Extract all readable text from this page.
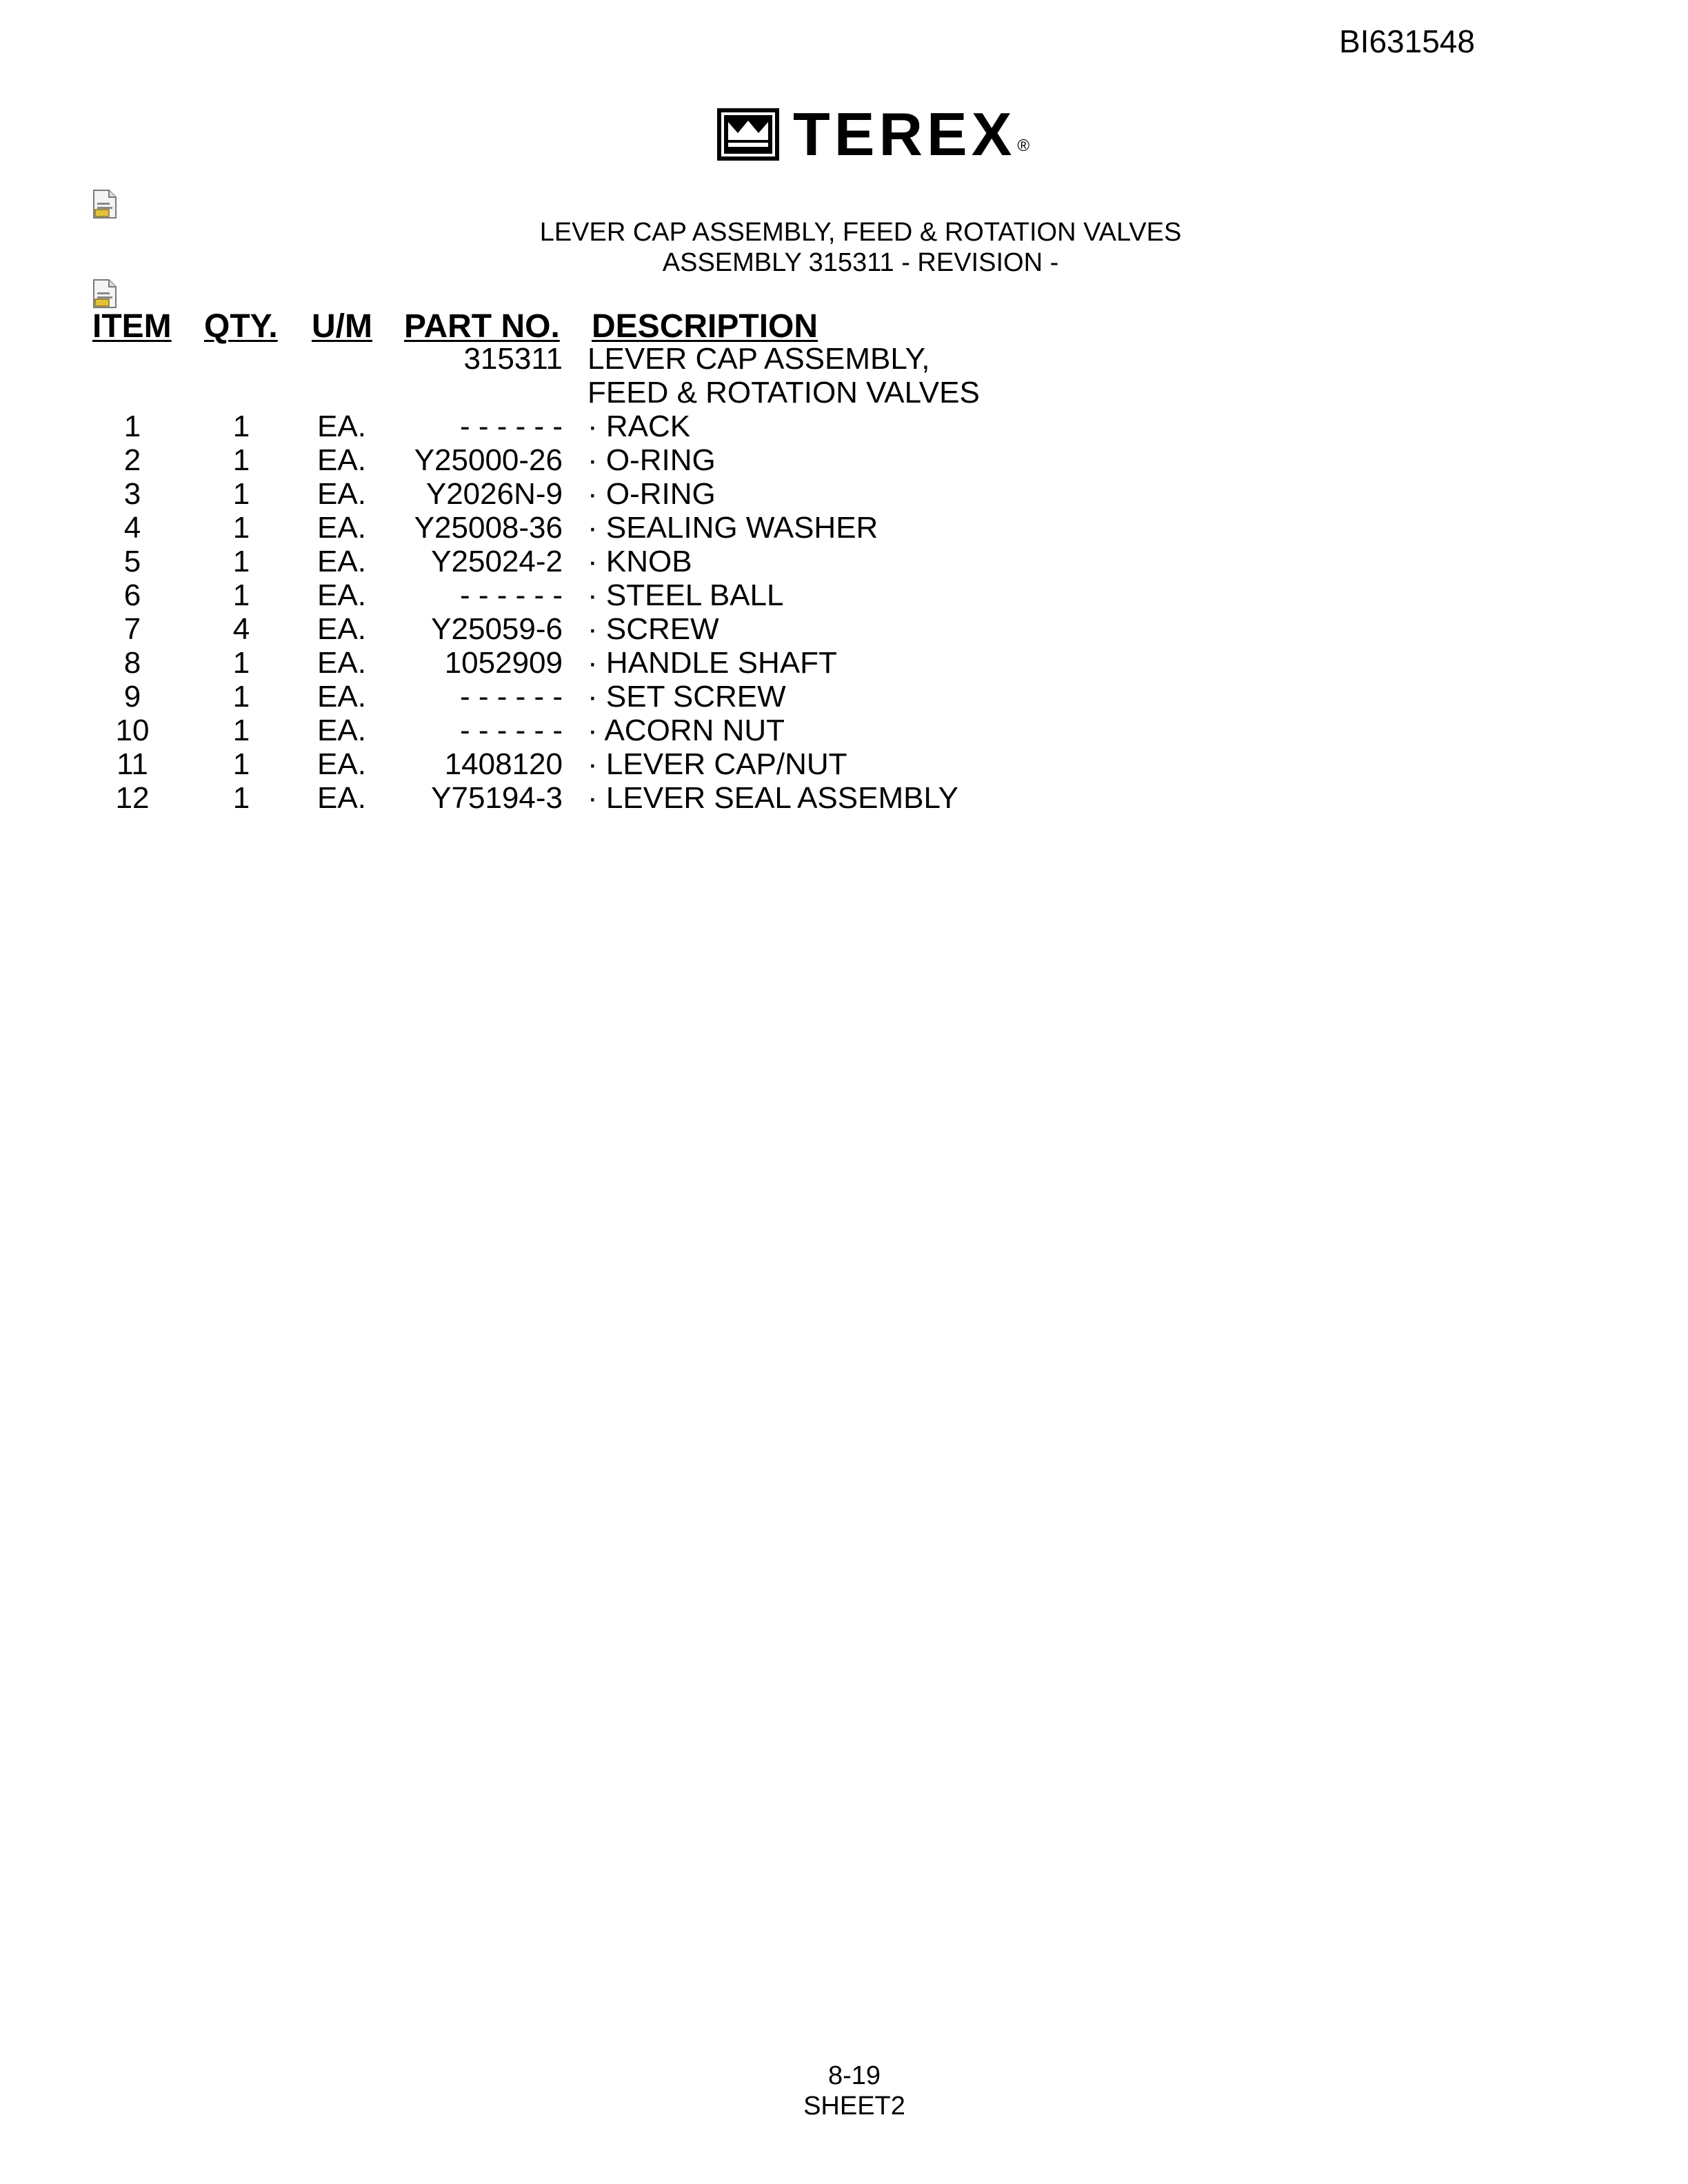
BI631548
TEREX ®
LEVER CAP ASSEMBLY, FEED & ROTATION VALVES
ASSEMBLY 315311 - REVISION -
ITEM QTY. U/M PART NO. DESCRIPTION
315311 LEVER CAP ASSEMBLY,
FEED & ROTATION VALVES
1	1	EA.	- - - - - - · RACK
2	1	EA. Y25000-26 · O-RING
3	1	EA. Y2026N-9 · O-RING
4	1	EA. Y25008-36 · SEALING WASHER
5	1	EA. Y25024-2 · KNOB
6	1	EA.	- - - - - - · STEEL BALL
7	4	EA. Y25059-6 · SCREW
8	1	EA.	1052909 · HANDLE SHAFT
9	1	EA.	- - - - - - · SET SCREW
10	1	EA.	- - - - - - · ACORN NUT
11	1	EA.	1408120 · LEVER CAP/NUT
12	1	EA. Y75194-3 · LEVER SEAL ASSEMBLY
8-19
SHEET2
